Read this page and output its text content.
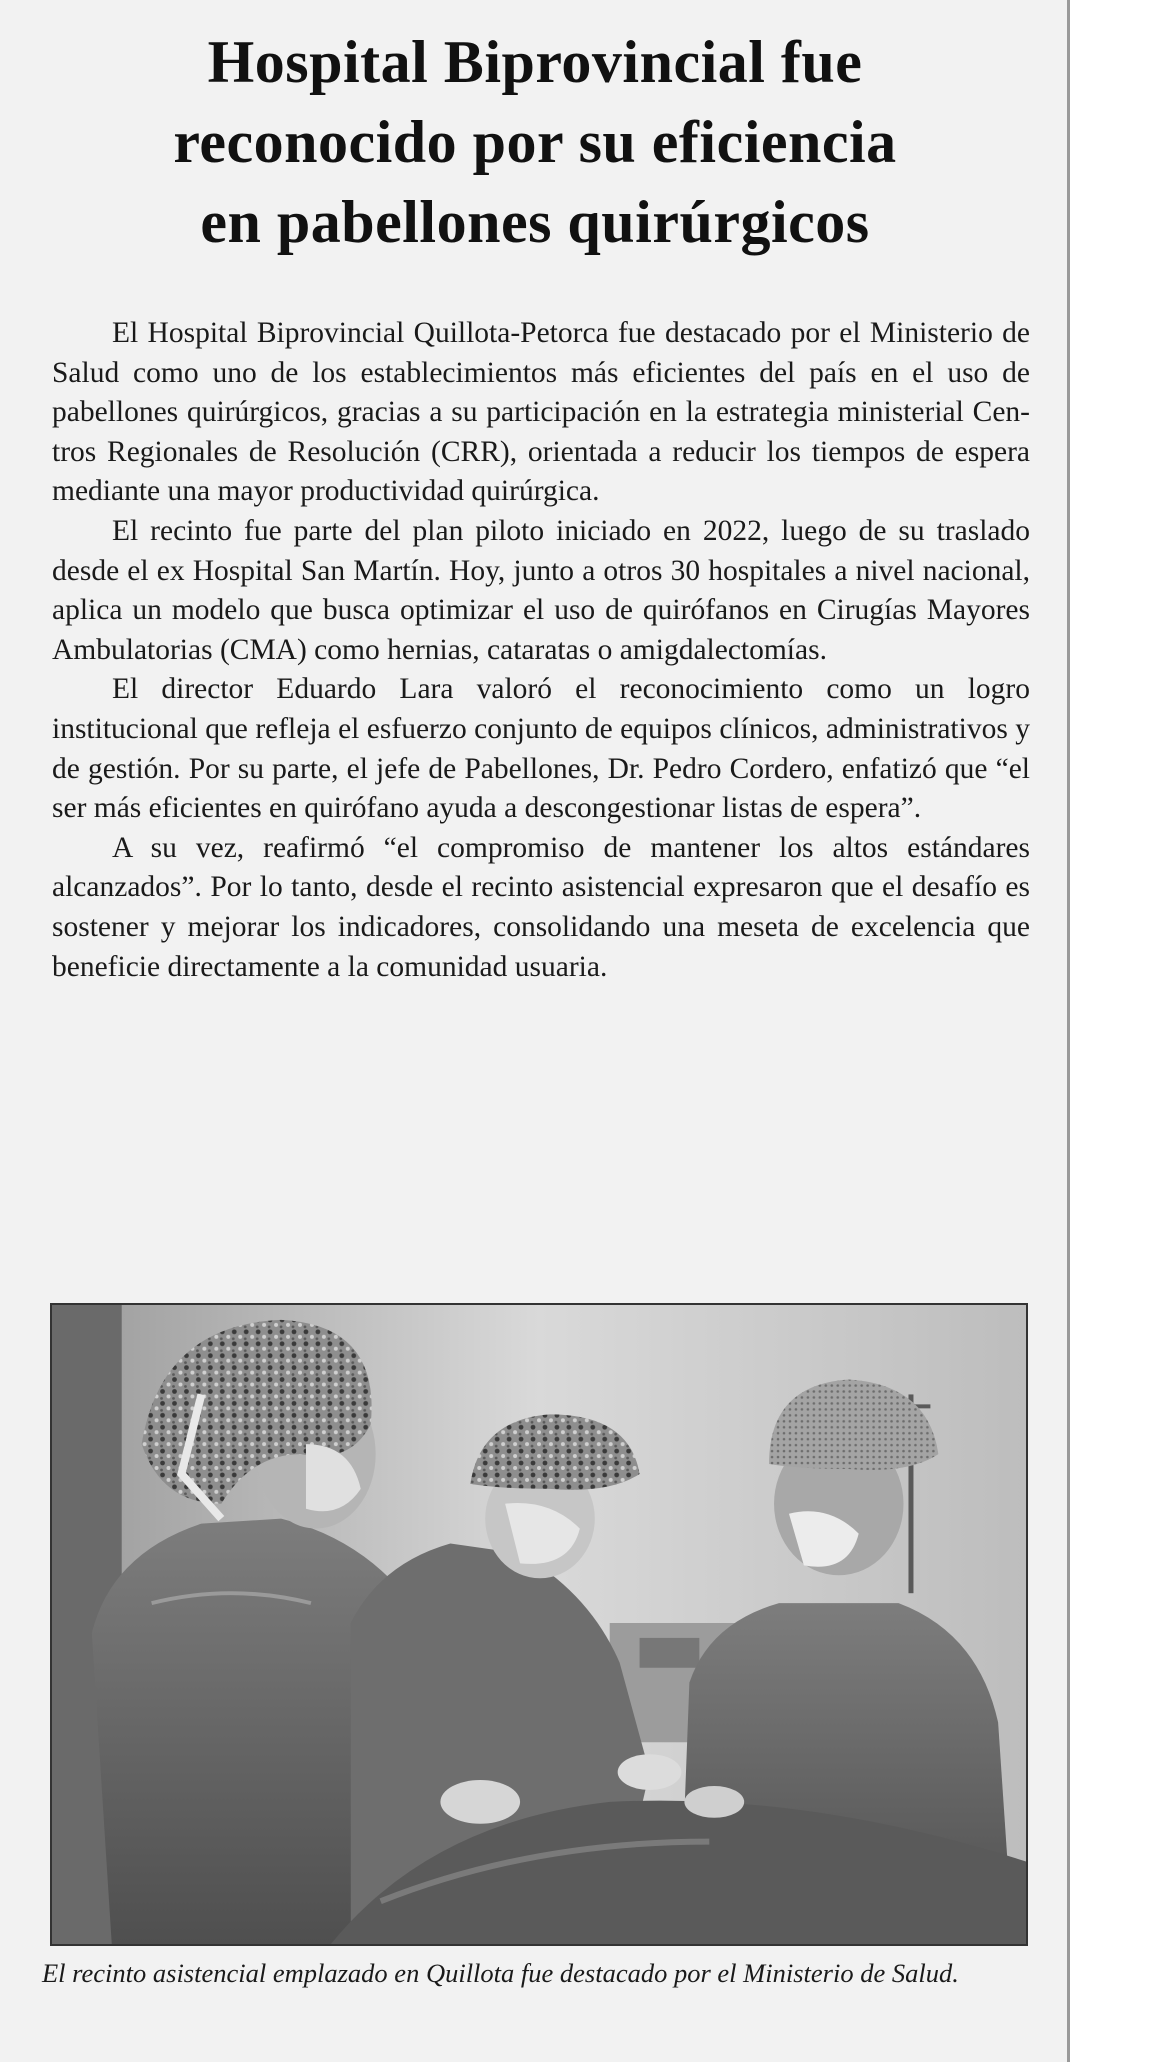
Hospital Biprovincial fue
reconocido por su eficiencia
en pabellones quirúrgicos

El Hospital Biprovincial Quillota-Petorca fue destacado por el Ministerio de Salud como uno de los establecimientos más eficientes del país en el uso de pabellones quirúrgicos, gracias a su participación en la estrategia ministerial Centros Regionales de Resolución (CRR), orientada a reducir los tiempos de espera mediante una mayor productividad quirúrgica.

El recinto fue parte del plan piloto iniciado en 2022, luego de su traslado desde el ex Hospital San Martín. Hoy, junto a otros 30 hospitales a nivel nacional, aplica un modelo que busca optimizar el uso de quirófanos en Cirugías Mayores Ambulatorias (CMA) como hernias, cataratas o amigdalectomías.

El director Eduardo Lara valoró el reconocimiento como un logro institucional que refleja el esfuerzo conjunto de equipos clínicos, administrativos y de gestión. Por su parte, el jefe de Pabellones, Dr. Pedro Cordero, enfatizó que “el ser más eficientes en quirófano ayuda a descongestionar listas de espera”.

A su vez, reafirmó “el compromiso de mantener los altos estándares alcanzados”. Por lo tanto, desde el recinto asistencial expresaron que el desafío es sostener y mejorar los indicadores, consolidando una meseta de excelencia que beneficie directamente a la comunidad usuaria.

El recinto asistencial emplazado en Quillota fue destacado por el Ministerio de Salud.
